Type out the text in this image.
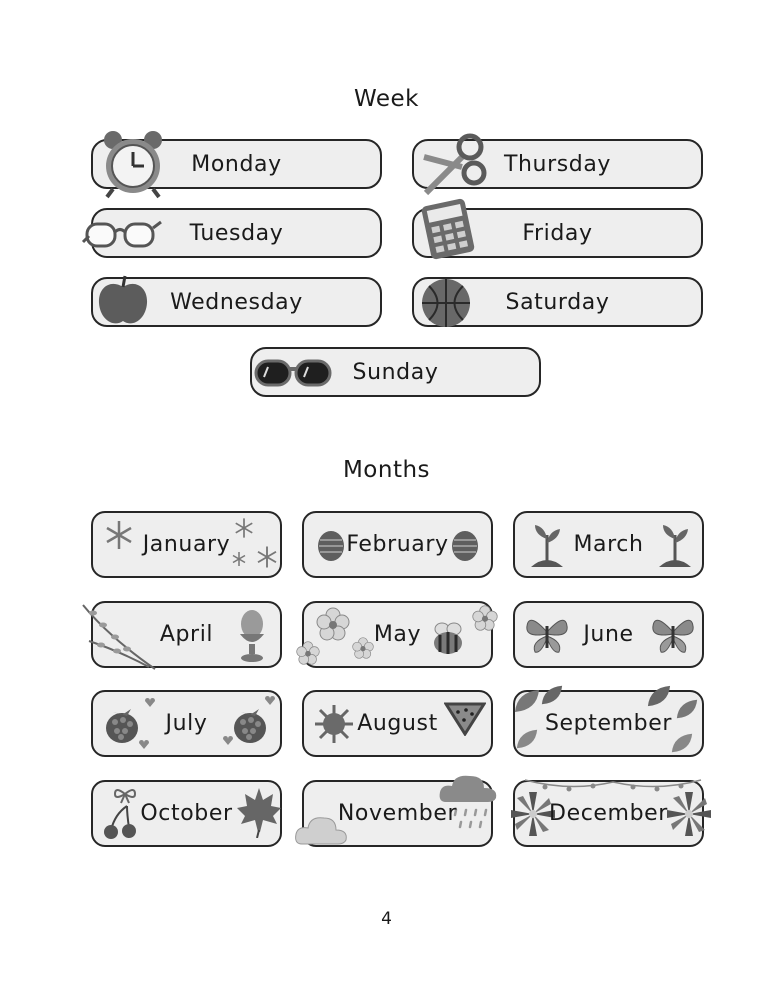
Week
Monday
Tuesday
Wednesday
Thursday
Friday
Saturday
Sunday
Months
January	February	March
April	May	June
July	August	September
October	November	December
4
